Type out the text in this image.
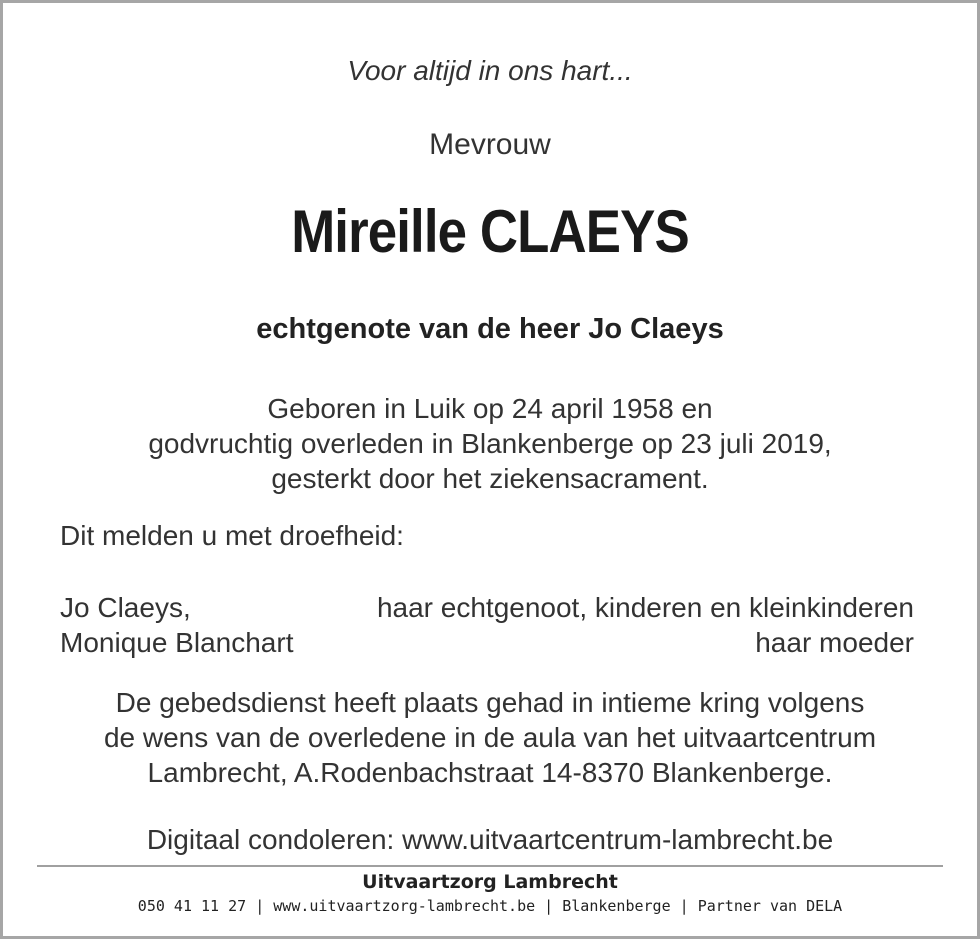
Voor altijd in ons hart...
Mevrouw
Mireille CLAEYS
echtgenote van de heer Jo Claeys
Geboren in Luik op 24 april 1958 en
godvruchtig overleden in Blankenberge op 23 juli 2019,
gesterkt door het ziekensacrament.
Dit melden u met droefheid:
Jo Claeys,	haar echtgenoot, kinderen en kleinkinderen
Monique Blanchart	haar moeder
De gebedsdienst heeft plaats gehad in intieme kring volgens
de wens van de overledene in de aula van het uitvaartcentrum
Lambrecht, A.Rodenbachstraat 14-8370 Blankenberge.
Digitaal condoleren: www.uitvaartcentrum-lambrecht.be
Uitvaartzorg Lambrecht
050 41 11 27 | www.uitvaartzorg-lambrecht.be | Blankenberge | Partner van DELA
